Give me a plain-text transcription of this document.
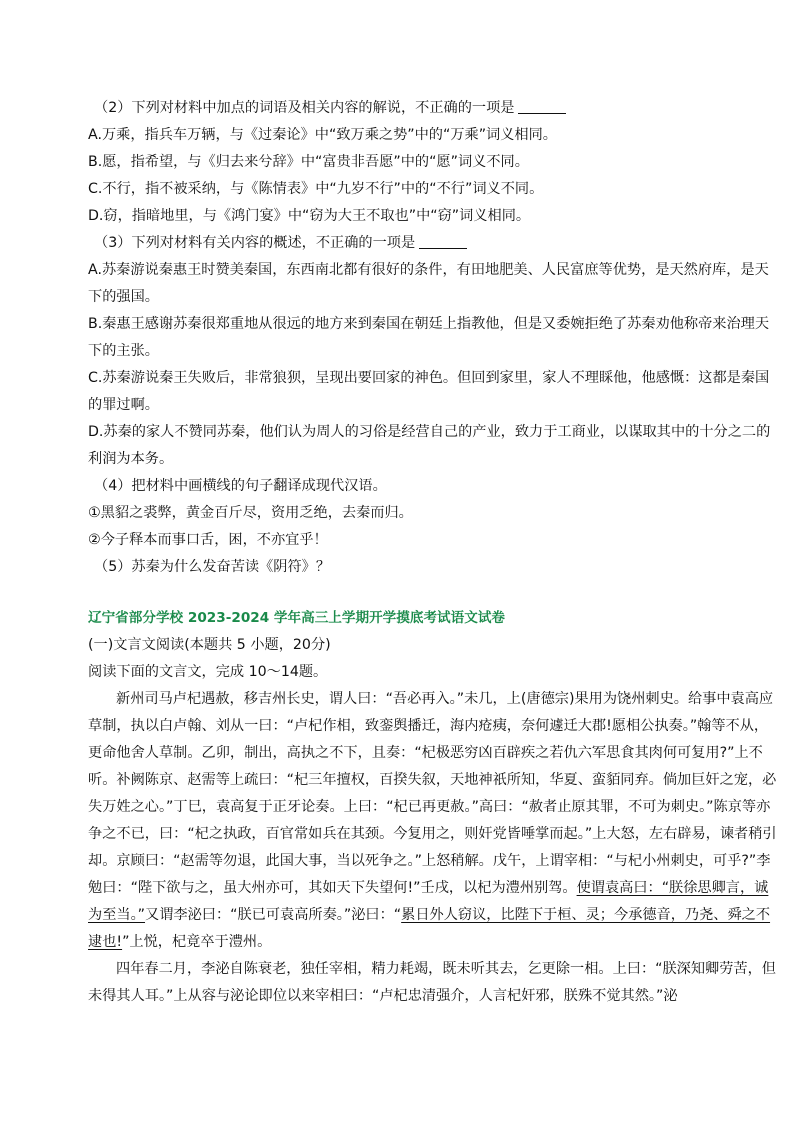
（2）下列对材料中加点的词语及相关内容的解说，不正确的一项是

A.万乘，指兵车万辆，与《过秦论》中“致万乘之势”中的“万乘”词义相同。

B.愿，指希望，与《归去来兮辞》中“富贵非吾愿”中的“愿”词义不同。

C.不行，指不被采纳，与《陈情表》中“九岁不行”中的“不行”词义不同。

D.窃，指暗地里，与《鸿门宴》中“窃为大王不取也”中“窃”词义相同。

（3）下列对材料有关内容的概述，不正确的一项是

A.苏秦游说秦惠王时赞美秦国，东西南北都有很好的条件，有田地肥美、人民富庶等优势，是天然府库，是天下的强国。

B.秦惠王感谢苏秦很郑重地从很远的地方来到秦国在朝廷上指教他，但是又委婉拒绝了苏秦劝他称帝来治理天下的主张。

C.苏秦游说秦王失败后，非常狼狈，呈现出要回家的神色。但回到家里，家人不理睬他，他感慨：这都是秦国的罪过啊。

D.苏秦的家人不赞同苏秦，他们认为周人的习俗是经营自己的产业，致力于工商业，以谋取其中的十分之二的利润为本务。

（4）把材料中画横线的句子翻译成现代汉语。

①黑貂之裘弊，黄金百斤尽，资用乏绝，去秦而归。

②今子释本而事口舌，困，不亦宜乎！

（5）苏秦为什么发奋苦读《阴符》？

辽宁省部分学校 2023-2024 学年高三上学期开学摸底考试语文试卷

(一)文言文阅读(本题共 5 小题，20分)

阅读下面的文言文，完成 10～14题。

新州司马卢杞遇赦，移吉州长史，谓人曰：“吾必再入。”未几，上(唐德宗)果用为饶州刺史。给事中袁高应草制，执以白卢翰、刘从一曰：“卢杞作相，致銮舆播迁，海内疮痍，奈何遽迁大郡!愿相公执奏。”翰等不从，更命他舍人草制。乙卯，制出，高执之不下，且奏：“杞极恶穷凶百辟疾之若仇六军思食其肉何可复用?”上不听。补阙陈京、赵需等上疏曰：“杞三年擅权，百揆失叙，天地神祇所知，华夏、蛮貊同弃。倘加巨奸之宠，必失万姓之心。”丁巳，袁高复于正牙论奏。上曰：“杞已再更赦。”高曰：“赦者止原其罪，不可为刺史。”陈京等亦争之不已，曰：“杞之执政，百官常如兵在其颈。今复用之，则奸党皆唾掌而起。”上大怒，左右辟易，谏者稍引却。京顾曰：“赵需等勿退，此国大事，当以死争之。”上怒稍解。戊午，上谓宰相：“与杞小州刺史，可乎?”李勉曰：“陛下欲与之，虽大州亦可，其如天下失望何!”壬戌，以杞为澧州别驾。使谓袁高曰：“朕徐思卿言，诚为至当。”又谓李泌曰：“朕已可袁高所奏。”泌曰：“累日外人窃议，比陛下于桓、灵；今承德音，乃尧、舜之不逮也!”上悦，杞竟卒于澧州。

四年春二月，李泌自陈衰老，独任宰相，精力耗竭，既未听其去，乞更除一相。上曰：“朕深知卿劳苦，但未得其人耳。”上从容与泌论即位以来宰相曰：“卢杞忠清强介，人言杞奸邪，朕殊不觉其然。”泌
